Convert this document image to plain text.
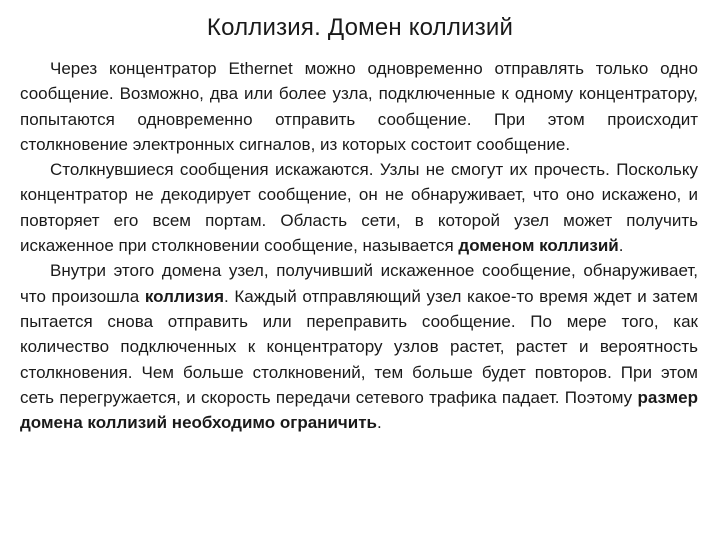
Коллизия. Домен коллизий

Через концентратор Ethernet можно одновременно отправлять только одно сообщение. Возможно, два или более узла, подключенные к одному концентратору, попытаются одновременно отправить сообщение. При этом происходит столкновение электронных сигналов, из которых состоит сообщение.

Столкнувшиеся сообщения искажаются. Узлы не смогут их прочесть. Поскольку концентратор не декодирует сообщение, он не обнаруживает, что оно искажено, и повторяет его всем портам. Область сети, в которой узел может получить искаженное при столкновении сообщение, называется доменом коллизий.

Внутри этого домена узел, получивший искаженное сообщение, обнаруживает, что произошла коллизия. Каждый отправляющий узел какое-то время ждет и затем пытается снова отправить или переправить сообщение. По мере того, как количество подключенных к концентратору узлов растет, растет и вероятность столкновения. Чем больше столкновений, тем больше будет повторов. При этом сеть перегружается, и скорость передачи сетевого трафика падает. Поэтому размер домена коллизий необходимо ограничить.
